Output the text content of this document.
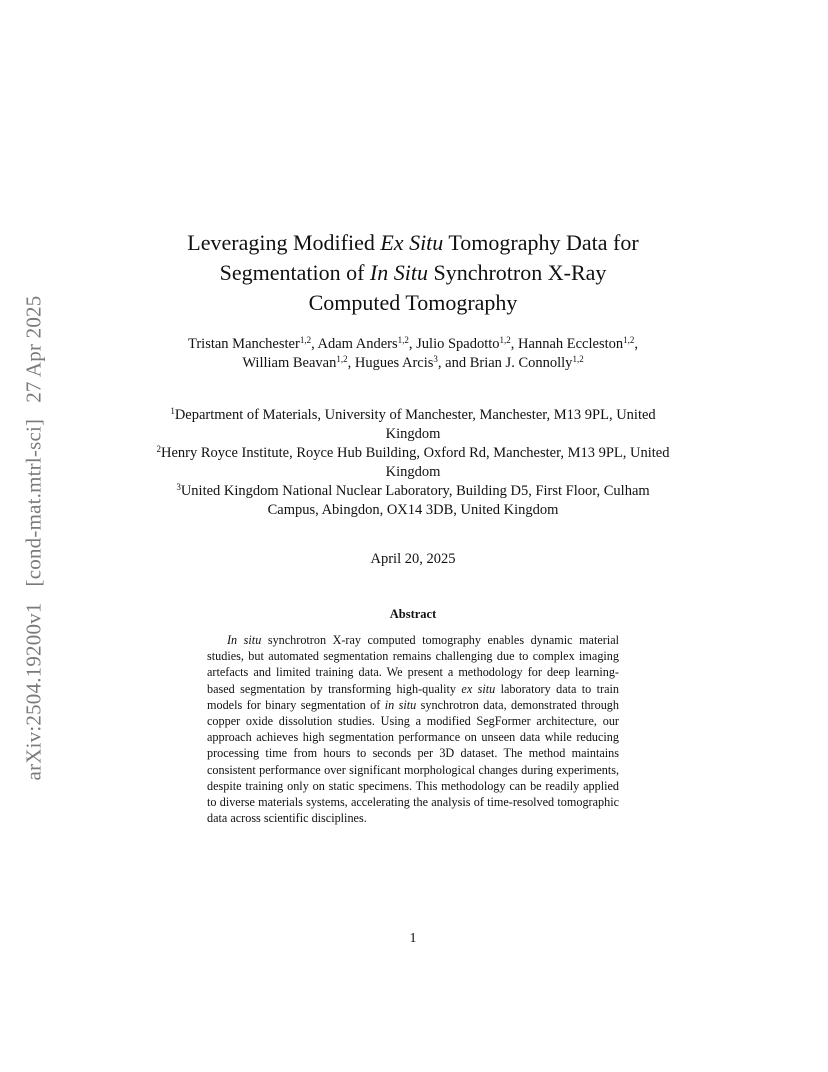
arXiv:2504.19200v1[cond-mat.mtrl-sci]27 Apr 2025
Leveraging Modified Ex Situ Tomography Data for
Segmentation of In Situ Synchrotron X-Ray
Computed Tomography
Tristan Manchester$^{1,2}$, Adam Anders$^{1,2}$, Julio Spadotto$^{1,2}$, Hannah Eccleston$^{1,2}$, William Beavan$^{1,2}$, Hugues Arcis$^3$, and Brian J. Connolly$^{1,2}$
$^1$Department of Materials, University of Manchester, Manchester, M13 9PL, United Kingdom
$^2$Henry Royce Institute, Royce Hub Building, Oxford Rd, Manchester, M13 9PL, United Kingdom
$^3$United Kingdom National Nuclear Laboratory, Building D5, First Floor, Culham Campus, Abingdon, OX14 3DB, United Kingdom
April 20, 2025
Abstract
In situ synchrotron X-ray computed tomography enables dynamic material studies, but automated segmentation remains challenging due to complex imaging artefacts and limited training data. We present a methodology for deep learning-based segmentation by transforming high-quality ex situ laboratory data to train models for binary segmentation of in situ synchrotron data, demonstrated through copper oxide dissolution studies. Using a modified SegFormer architecture, our approach achieves high segmentation performance on unseen data while reducing processing time from hours to seconds per 3D dataset. The method maintains consistent performance over significant morphological changes during experiments, despite training only on static specimens. This methodology can be readily applied to diverse materials systems, accelerating the analysis of time-resolved tomographic data across scientific disciplines.
1
